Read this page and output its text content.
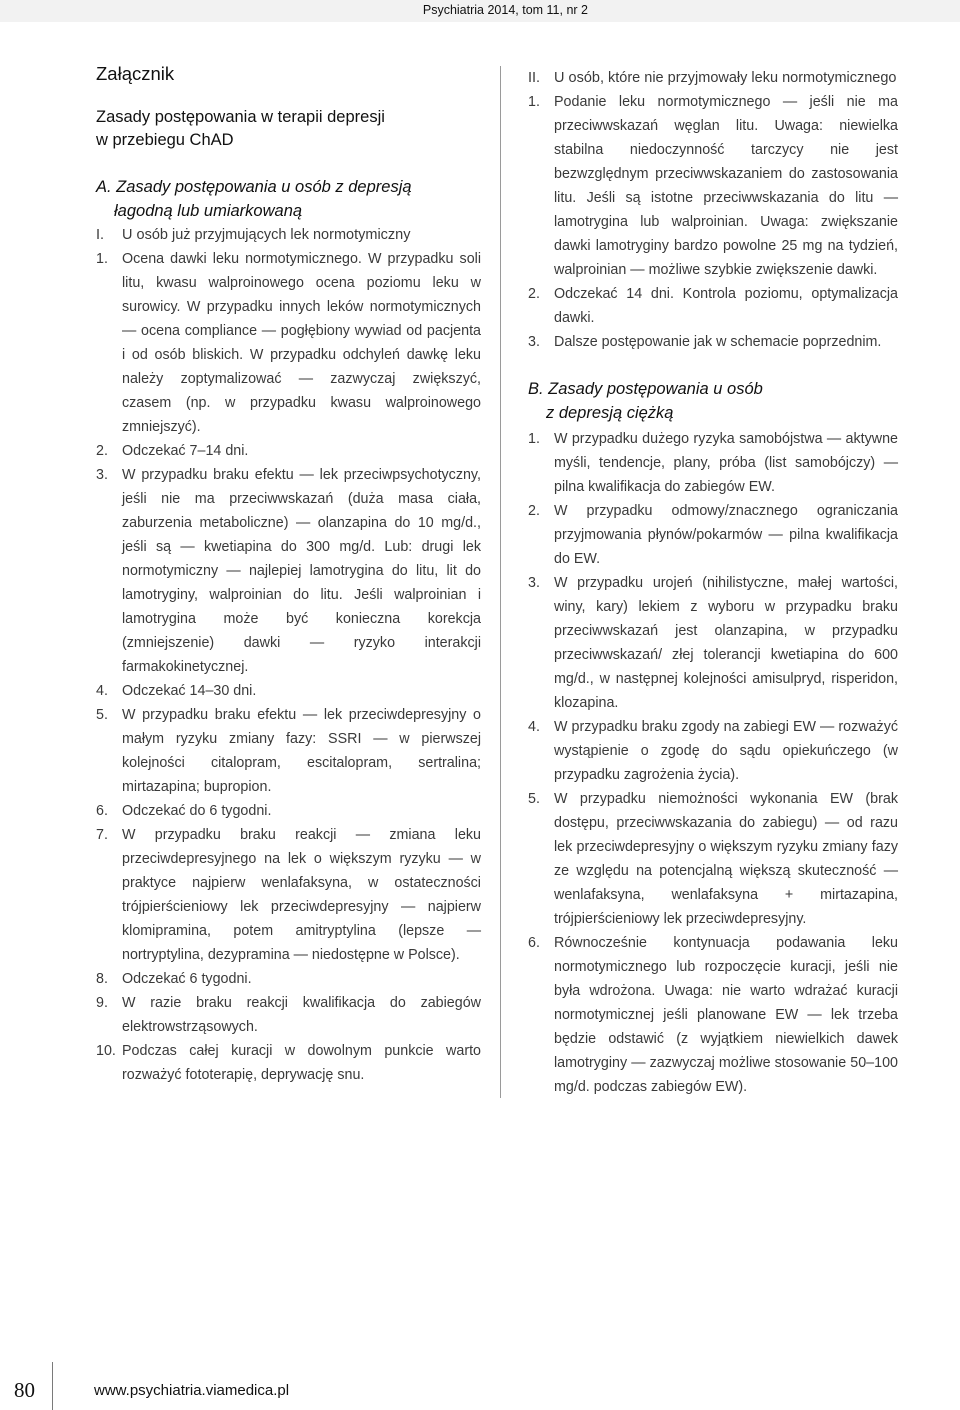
Psychiatria 2014, tom 11, nr 2
Załącznik
Zasady postępowania w terapii depresji w przebiegu ChAD
A. Zasady postępowania u osób z depresją
łagodną lub umiarkowaną
I.	U osób już przyjmujących lek normotymiczny
1. Ocena dawki leku normotymicznego. W przypadku soli litu, kwasu walproinowego ocena poziomu leku w surowicy. W przypadku innych leków normotymicznych — ocena compliance — pogłębiony wywiad od pacjenta i od osób bliskich. W przypadku odchyleń dawkę leku należy zoptymalizować — zazwyczaj zwiększyć, czasem (np. w przypadku kwasu walproinowego zmniejszyć).
2. Odczekać 7–14 dni.
3. W przypadku braku efektu — lek przeciwpsychotyczny, jeśli nie ma przeciwwskazań (duża masa ciała, zaburzenia metaboliczne) — olanzapina do 10 mg/d., jeśli są — kwetiapina do 300 mg/d. Lub: drugi lek normotymiczny — najlepiej lamotrygina do litu, lit do lamotryginy, walproinian do litu. Jeśli walproinian i lamotrygina może być konieczna korekcja (zmniejszenie) dawki — ryzyko interakcji farmakokinetycznej.
4. Odczekać 14–30 dni.
5. W przypadku braku efektu — lek przeciwdepresyjny o małym ryzyku zmiany fazy: SSRI — w pierwszej kolejności citalopram, escitalopram, sertralina; mirtazapina; bupropion.
6. Odczekać do 6 tygodni.
7. W przypadku braku reakcji — zmiana leku przeciwdepresyjnego na lek o większym ryzyku — w praktyce najpierw wenlafaksyna, w ostateczności trójpierścieniowy lek przeciwdepresyjny — najpierw klomipramina, potem amitryptylina (lepsze — nortryptylina, dezypramina — niedostępne w Polsce).
8. Odczekać 6 tygodni.
9. W razie braku reakcji kwalifikacja do zabiegów elektrowstrząsowych.
10. Podczas całej kuracji w dowolnym punkcie warto rozważyć fototerapię, deprywację snu.
II. U osób, które nie przyjmowały leku normotymicznego
1. Podanie leku normotymicznego — jeśli nie ma przeciwwskazań węglan litu. Uwaga: niewielka stabilna niedoczynność tarczycy nie jest bezwzględnym przeciwwskazaniem do zastosowania litu. Jeśli są istotne przeciwwskazania do litu — lamotrygina lub walproinian. Uwaga: zwiększanie dawki lamotryginy bardzo powolne 25 mg na tydzień, walproinian — możliwe szybkie zwiększenie dawki.
2. Odczekać 14 dni. Kontrola poziomu, optymalizacja dawki.
3. Dalsze postępowanie jak w schemacie poprzednim.
B. Zasady postępowania u osób
z depresją ciężką
1. W przypadku dużego ryzyka samobójstwa — aktywne myśli, tendencje, plany, próba (list samobójczy) — pilna kwalifikacja do zabiegów EW.
2. W przypadku odmowy/znacznego ograniczania przyjmowania płynów/pokarmów — pilna kwalifikacja do EW.
3. W przypadku urojeń (nihilistyczne, małej wartości, winy, kary) lekiem z wyboru w przypadku braku przeciwwskazań jest olanzapina, w przypadku przeciwwskazań/ złej tolerancji kwetiapina do 600 mg/d., w następnej kolejności amisulpryd, risperidon, klozapina.
4. W przypadku braku zgody na zabiegi EW — rozważyć wystąpienie o zgodę do sądu opiekuńczego (w przypadku zagrożenia życia).
5. W przypadku niemożności wykonania EW (brak dostępu, przeciwwskazania do zabiegu) — od razu lek przeciwdepresyjny o większym ryzyku zmiany fazy ze względu na potencjalną większą skuteczność — wenlafaksyna, wenlafaksyna + mirtazapina, trójpierścieniowy lek przeciwdepresyjny.
6. Równocześnie kontynuacja podawania leku normotymicznego lub rozpoczęcie kuracji, jeśli nie była wdrożona. Uwaga: nie warto wdrażać kuracji normotymicznej jeśli planowane EW — lek trzeba będzie odstawić (z wyjątkiem niewielkich dawek lamotryginy — zazwyczaj możliwe stosowanie 50–100 mg/d. podczas zabiegów EW).
80	www.psychiatria.viamedica.pl
